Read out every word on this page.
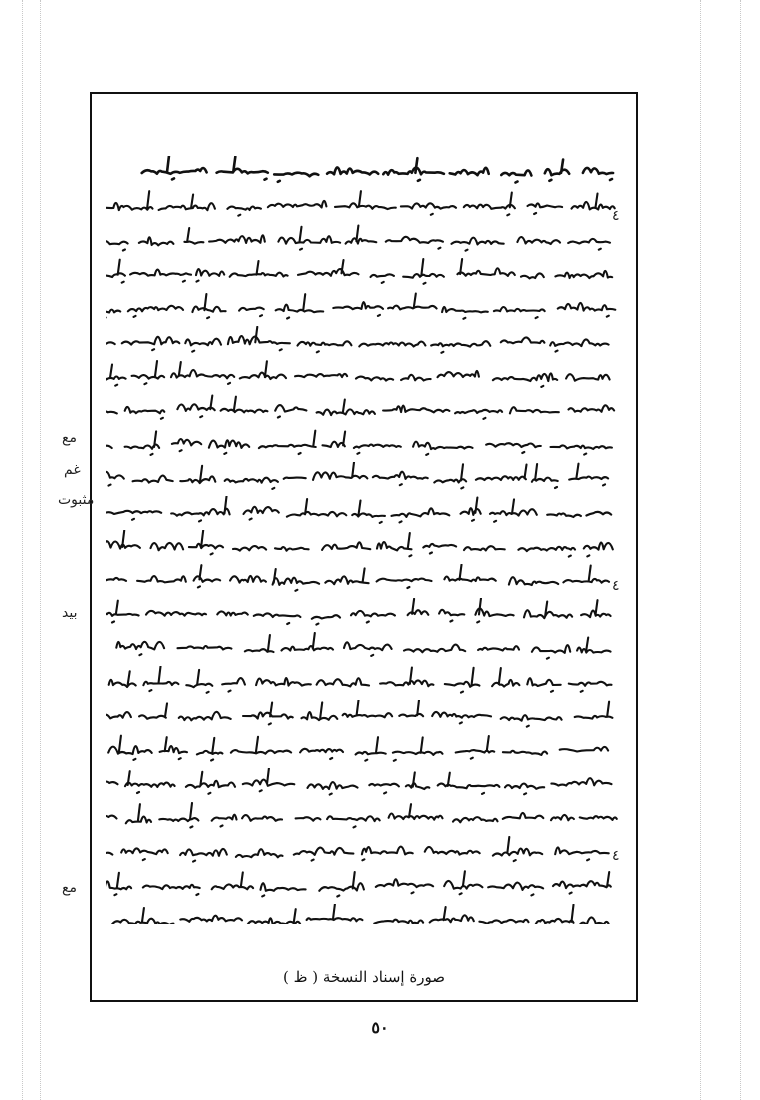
صورة إسناد النسخة ( ظ )
٤
٤
٤
مع
غم
مثبوت
بيد
مع
٥٠
